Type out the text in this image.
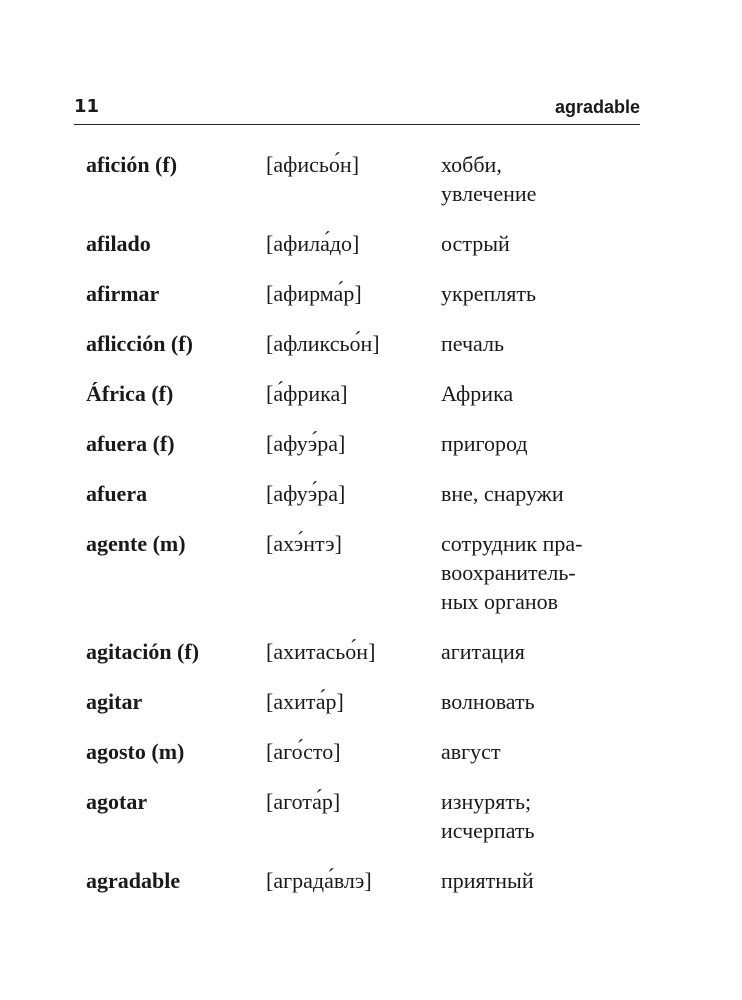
11	agradable
afición (f)	[афисьо́н]	хобби,
увлечение
afilado	[афила́до]	острый
afirmar	[афирма́р]	укреплять
aflicción (f)	[афликсьо́н]	печаль
África (f)	[а́фрика]	Африка
afuera (f)	[афуэ́ра]	пригород
afuera	[афуэ́ра]	вне, снаружи
agente (m)	[ахэ́нтэ]	сотрудник пра-
воохранитель-
ных органов
agitación (f)	[ахитасьо́н]	агитация
agitar	[ахита́р]	волновать
agosto (m)	[аго́сто]	август
agotar	[агота́р]	изнурять;
исчерпать
agradable	[аграда́влэ]	приятный
